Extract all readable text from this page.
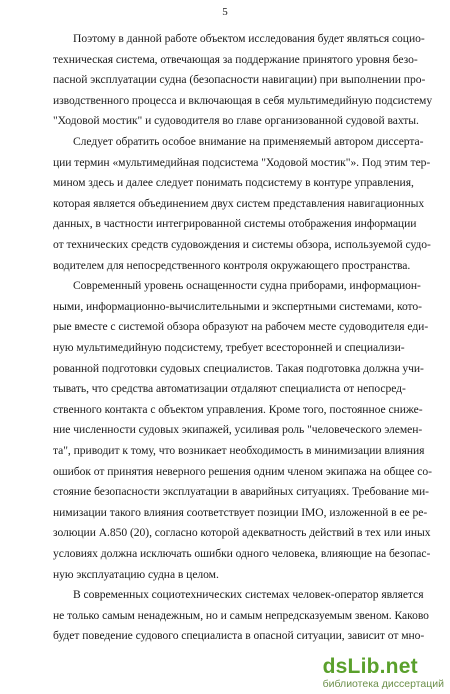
5
Поэтому в данной работе объектом исследования будет являться социо-
техническая система, отвечающая за поддержание принятого уровня безо-
пасной эксплуатации судна (безопасности навигации) при выполнении про-
изводственного процесса и включающая в себя мультимедийную подсистему
"Ходовой мостик" и судоводителя во главе организованной судовой вахты.
Следует обратить особое внимание на применяемый автором диссерта-
ции термин «мультимедийная подсистема "Ходовой мостик"». Под этим тер-
мином здесь и далее следует понимать подсистему в контуре управления,
которая является объединением двух систем представления навигационных
данных, в частности интегрированной системы отображения информации
от технических средств судовождения и системы обзора, используемой судо-
водителем для непосредственного контроля окружающего пространства.
Современный уровень оснащенности судна приборами, информацион-
ными, информационно-вычислительными и экспертными системами, кото-
рые вместе с системой обзора образуют на рабочем месте судоводителя еди-
ную мультимедийную подсистему, требует всесторонней и специализи-
рованной подготовки судовых специалистов. Такая подготовка должна учи-
тывать, что средства автоматизации отдаляют специалиста от непосред-
ственного контакта с объектом управления. Кроме того, постоянное сниже-
ние численности судовых экипажей, усиливая роль "человеческого элемен-
та", приводит к тому, что возникает необходимость в минимизации влияния
ошибок от принятия неверного решения одним членом экипажа на общее со-
стояние безопасности эксплуатации в аварийных ситуациях. Требование ми-
нимизации такого влияния соответствует позиции IMO, изложенной в ее ре-
золюции A.850 (20), согласно которой адекватность действий в тех или иных
условиях должна исключать ошибки одного человека, влияющие на безопас-
ную эксплуатацию судна в целом.
В современных социотехнических системах человек-оператор является
не только самым ненадежным, но и самым непредсказуемым звеном. Каково
будет поведение судового специалиста в опасной ситуации, зависит от мно-
dsLib.net
библиотека диссертаций
